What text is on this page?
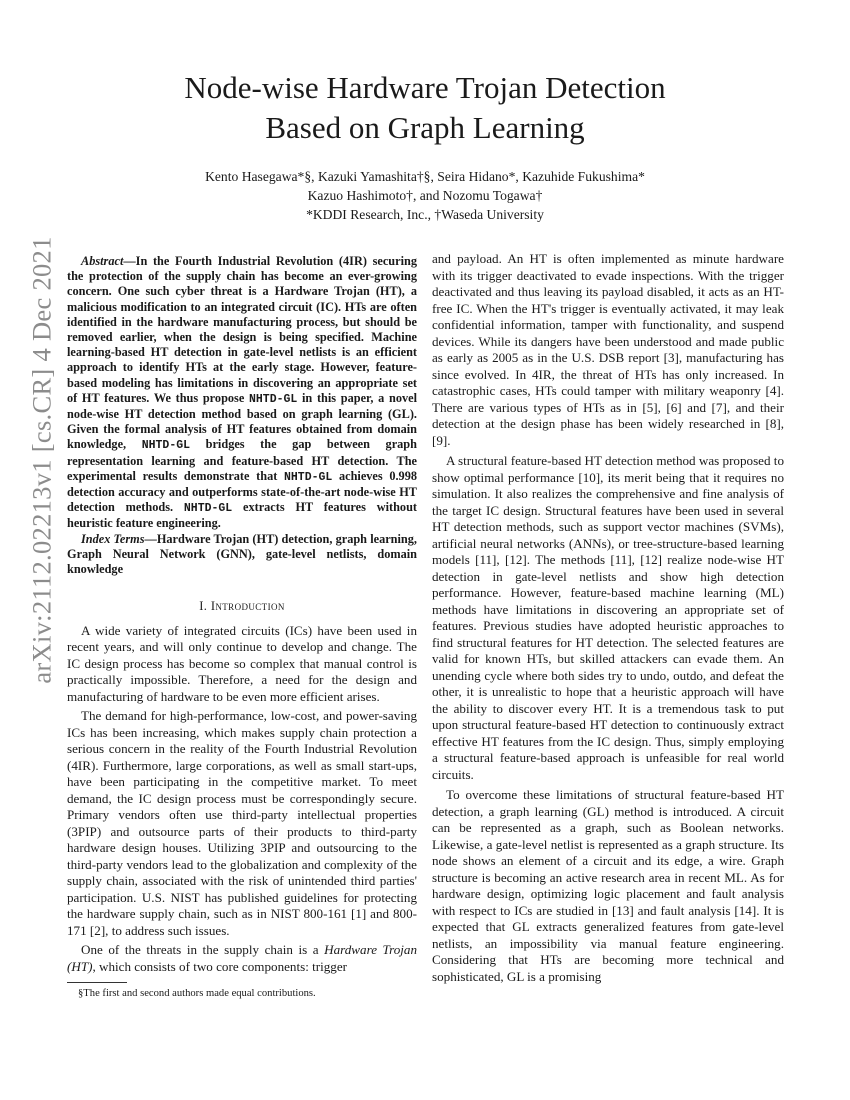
arXiv:2112.02213v1 [cs.CR] 4 Dec 2021
Node-wise Hardware Trojan Detection
Based on Graph Learning
Kento Hasegawa*§, Kazuki Yamashita†§, Seira Hidano*, Kazuhide Fukushima*
Kazuo Hashimoto†, and Nozomu Togawa†
*KDDI Research, Inc., †Waseda University

Abstract—In the Fourth Industrial Revolution (4IR) securing the protection of the supply chain has become an ever-growing concern. One such cyber threat is a Hardware Trojan (HT), a malicious modification to an integrated circuit (IC). HTs are often identified in the hardware manufacturing process, but should be removed earlier, when the design is being specified. Machine learning-based HT detection in gate-level netlists is an efficient approach to identify HTs at the early stage. However, feature-based modeling has limitations in discovering an appropriate set of HT features. We thus propose NHTD-GL in this paper, a novel node-wise HT detection method based on graph learning (GL). Given the formal analysis of HT features obtained from domain knowledge, NHTD-GL bridges the gap between graph representation learning and feature-based HT detection. The experimental results demonstrate that NHTD-GL achieves 0.998 detection accuracy and outperforms state-of-the-art node-wise HT detection methods. NHTD-GL extracts HT features without heuristic feature engineering.

Index Terms—Hardware Trojan (HT) detection, graph learning, Graph Neural Network (GNN), gate-level netlists, domain knowledge

I. Introduction

A wide variety of integrated circuits (ICs) have been used in recent years, and will only continue to develop and change. The IC design process has become so complex that manual control is practically impossible. Therefore, a need for the design and manufacturing of hardware to be even more efficient arises.

The demand for high-performance, low-cost, and power-saving ICs has been increasing, which makes supply chain protection a serious concern in the reality of the Fourth Industrial Revolution (4IR). Furthermore, large corporations, as well as small start-ups, have been participating in the competitive market. To meet demand, the IC design process must be correspondingly secure. Primary vendors often use third-party intellectual properties (3PIP) and outsource parts of their products to third-party hardware design houses. Utilizing 3PIP and outsourcing to the third-party vendors lead to the globalization and complexity of the supply chain, associated with the risk of unintended third parties' participation. U.S. NIST has published guidelines for protecting the hardware supply chain, such as in NIST 800-161 [1] and 800-171 [2], to address such issues.

One of the threats in the supply chain is a Hardware Trojan (HT), which consists of two core components: trigger

and payload. An HT is often implemented as minute hardware with its trigger deactivated to evade inspections. With the trigger deactivated and thus leaving its payload disabled, it acts as an HT-free IC. When the HT's trigger is eventually activated, it may leak confidential information, tamper with functionality, and suspend devices. While its dangers have been understood and made public as early as 2005 as in the U.S. DSB report [3], manufacturing has since evolved. In 4IR, the threat of HTs has only increased. In catastrophic cases, HTs could tamper with military weaponry [4]. There are various types of HTs as in [5], [6] and [7], and their detection at the design phase has been widely researched in [8], [9].

A structural feature-based HT detection method was proposed to show optimal performance [10], its merit being that it requires no simulation. It also realizes the comprehensive and fine analysis of the target IC design. Structural features have been used in several HT detection methods, such as support vector machines (SVMs), artificial neural networks (ANNs), or tree-structure-based learning models [11], [12]. The methods [11], [12] realize node-wise HT detection in gate-level netlists and show high detection performance. However, feature-based machine learning (ML) methods have limitations in discovering an appropriate set of features. Previous studies have adopted heuristic approaches to find structural features for HT detection. The selected features are valid for known HTs, but skilled attackers can evade them. An unending cycle where both sides try to undo, outdo, and defeat the other, it is unrealistic to hope that a heuristic approach will have the ability to discover every HT. It is a tremendous task to put upon structural feature-based HT detection to continuously extract effective HT features from the IC design. Thus, simply employing a structural feature-based approach is unfeasible for real world circuits.

To overcome these limitations of structural feature-based HT detection, a graph learning (GL) method is introduced. A circuit can be represented as a graph, such as Boolean networks. Likewise, a gate-level netlist is represented as a graph structure. Its node shows an element of a circuit and its edge, a wire. Graph structure is becoming an active research area in recent ML. As for hardware design, optimizing logic placement and fault analysis with respect to ICs are studied in [13] and fault analysis [14]. It is expected that GL extracts generalized features from gate-level netlists, an impossibility via manual feature engineering. Considering that HTs are becoming more technical and sophisticated, GL is a promising

§The first and second authors made equal contributions.
